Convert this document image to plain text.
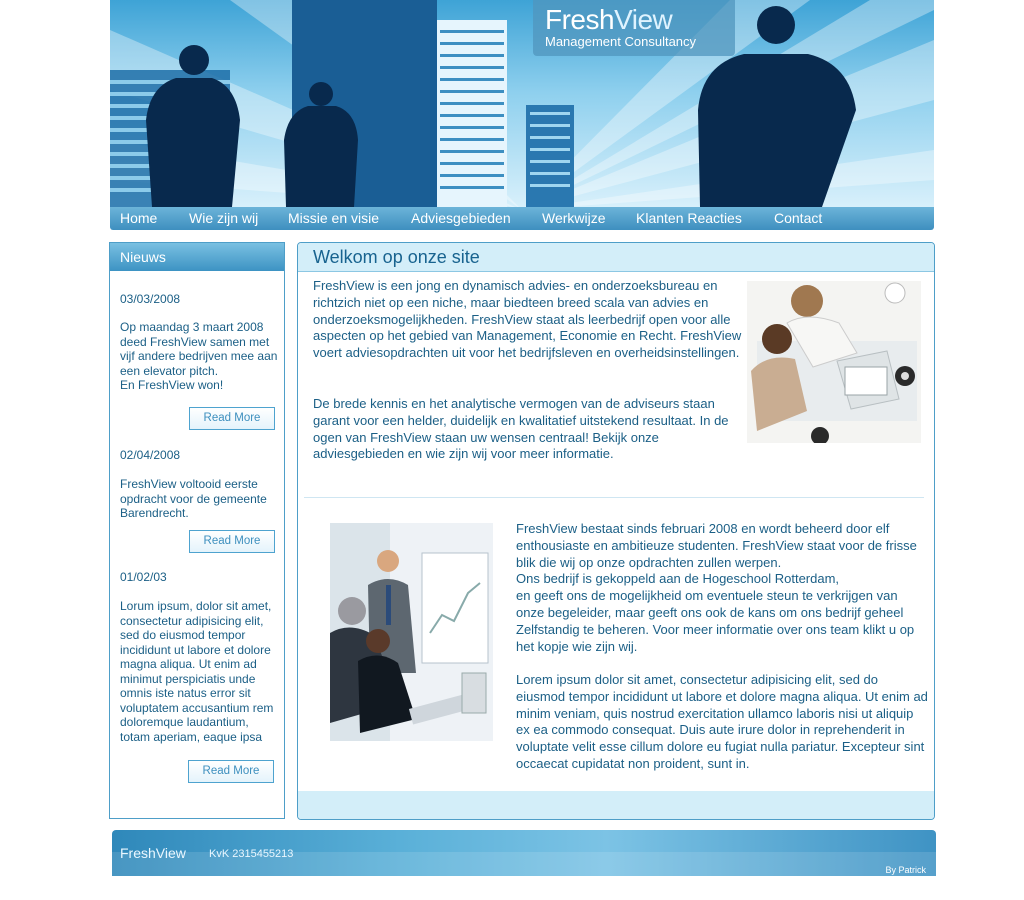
FreshView
Management Consultancy
Home Wie zijn wij Missie en visie Adviesgebieden Werkwijze Klanten Reacties Contact
Nieuws
03/03/2008
Op maandag 3 maart 2008 deed FreshView samen met vijf andere bedrijven mee aan een elevator pitch.
En FreshView won!
Read More
02/04/2008
FreshView voltooid eerste opdracht voor de gemeente Barendrecht.
Read More
01/02/03
Lorum ipsum, dolor sit amet, consectetur adipisicing elit, sed do eiusmod tempor incididunt ut labore et dolore magna aliqua. Ut enim ad minimut perspiciatis unde omnis iste natus error sit voluptatem accusantium rem doloremque laudantium, totam aperiam, eaque ipsa
Read More
Welkom op onze site
FreshView is een jong en dynamisch advies- en onderzoeksbureau en richtzich niet op een niche, maar biedteen breed scala van advies en onderzoeksmogelijkheden. FreshView staat als leerbedrijf open voor alle aspecten op het gebied van Management, Economie en Recht. FreshView voert adviesopdrachten uit voor het bedrijfsleven en overheidsinstellingen.
De brede kennis en het analytische vermogen van de adviseurs staan garant voor een helder, duidelijk en kwalitatief uitstekend resultaat. In de ogen van FreshView staan uw wensen centraal! Bekijk onze adviesgebieden en wie zijn wij voor meer informatie.
FreshView bestaat sinds februari 2008 en wordt beheerd door elf enthousiaste en ambitieuze studenten. FreshView staat voor de frisse blik die wij op onze opdrachten zullen werpen.
Ons bedrijf is gekoppeld aan de Hogeschool Rotterdam,
en geeft ons de mogelijkheid om eventuele steun te verkrijgen van onze begeleider, maar geeft ons ook de kans om ons bedrijf geheel Zelfstandig te beheren. Voor meer informatie over ons team klikt u op het kopje wie zijn wij.
Lorem ipsum dolor sit amet, consectetur adipisicing elit, sed do eiusmod tempor incididunt ut labore et dolore magna aliqua. Ut enim ad minim veniam, quis nostrud exercitation ullamco laboris nisi ut aliquip ex ea commodo consequat. Duis aute irure dolor in reprehenderit in voluptate velit esse cillum dolore eu fugiat nulla pariatur. Excepteur sint occaecat cupidatat non proident, sunt in.
FreshView KvK 2315455213
By Patrick
